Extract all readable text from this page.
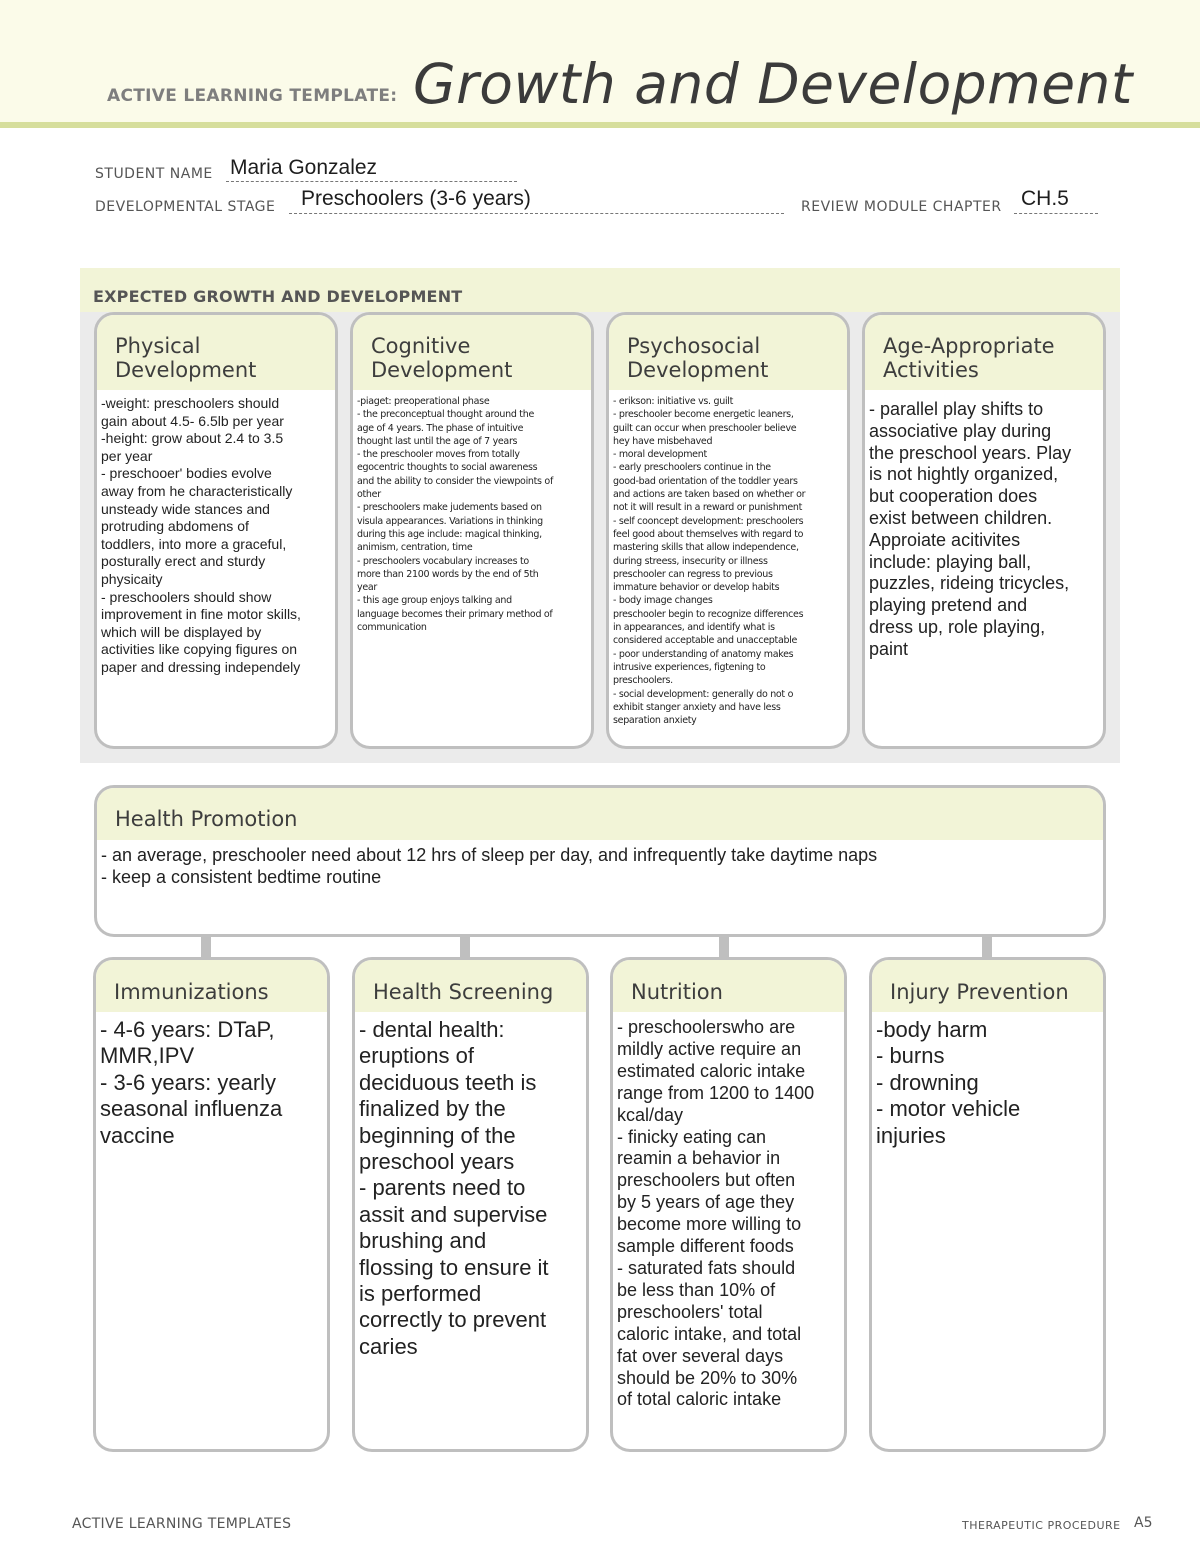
ACTIVE LEARNING TEMPLATE: Growth and Development
STUDENT NAME Maria Gonzalez
DEVELOPMENTAL STAGE Preschoolers (3-6 years)	REVIEW MODULE CHAPTER CH.5
EXPECTED GROWTH AND DEVELOPMENT
Physical
Development
-weight: preschoolers should
gain about 4.5- 6.5lb per year
-height: grow about 2.4 to 3.5
per year
- preschooer' bodies evolve
away from he characteristically
unsteady wide stances and
protruding abdomens of
toddlers, into more a graceful,
posturally erect and sturdy
physicaity
- preschoolers should show
improvement in fine motor skills,
which will be displayed by
activities like copying figures on
paper and dressing independely
Cognitive
Development
-piaget: preoperational phase
- the preconceptual thought around the
age of 4 years. The phase of intuitive
thought last until the age of 7 years
- the preschooler moves from totally
egocentric thoughts to social awareness
and the ability to consider the viewpoints of
other
- preschoolers make judements based on
visula appearances. Variations in thinking
during this age include: magical thinking,
animism, centration, time
- preschoolers vocabulary increases to
more than 2100 words by the end of 5th
year
- this age group enjoys talking and
language becomes their primary method of
communication
Psychosocial
Development
- erikson: initiative vs. guilt
- preschooler become energetic leaners,
guilt can occur when preschooler believe
hey have misbehaved
- moral development
- early preschoolers continue in the
good-bad orientation of the toddler years
and actions are taken based on whether or
not it will result in a reward or punishment
- self cooncept development: preschoolers
feel good about themselves with regard to
mastering skills that allow independence,
during streess, insecurity or illness
preschooler can regress to previous
immature behavior or develop habits
- body image changes
preschooler begin to recognize differences
in appearances, and identify what is
considered acceptable and unacceptable
- poor understanding of anatomy makes
intrusive experiences, figtening to
preschoolers.
- social development: generally do not o
exhibit stanger anxiety and have less
separation anxiety
Age-Appropriate
Activities
- parallel play shifts to
associative play during
the preschool years. Play
is not hightly organized,
but cooperation does
exist between children.
Approiate acitivites
include: playing ball,
puzzles, rideing tricycles,
playing pretend and
dress up, role playing,
paint
Health Promotion
- an average, preschooler need about 12 hrs of sleep per day, and infrequently take daytime naps
- keep a consistent bedtime routine
Immunizations
- 4-6 years: DTaP,
MMR,IPV
- 3-6 years: yearly
seasonal influenza
vaccine
Health Screening
- dental health:
eruptions of
deciduous teeth is
finalized by the
beginning of the
preschool years
- parents need to
assit and supervise
brushing and
flossing to ensure it
is performed
correctly to prevent
caries
Nutrition
- preschoolerswho are
mildly active require an
estimated caloric intake
range from 1200 to 1400
kcal/day
- finicky eating can
reamin a behavior in
preschoolers but often
by 5 years of age they
become more willing to
sample different foods
- saturated fats should
be less than 10% of
preschoolers' total
caloric intake, and total
fat over several days
should be 20% to 30%
of total caloric intake
Injury Prevention
-body harm
- burns
- drowning
- motor vehicle
injuries
ACTIVE LEARNING TEMPLATES	THERAPEUTIC PROCEDURE A5
